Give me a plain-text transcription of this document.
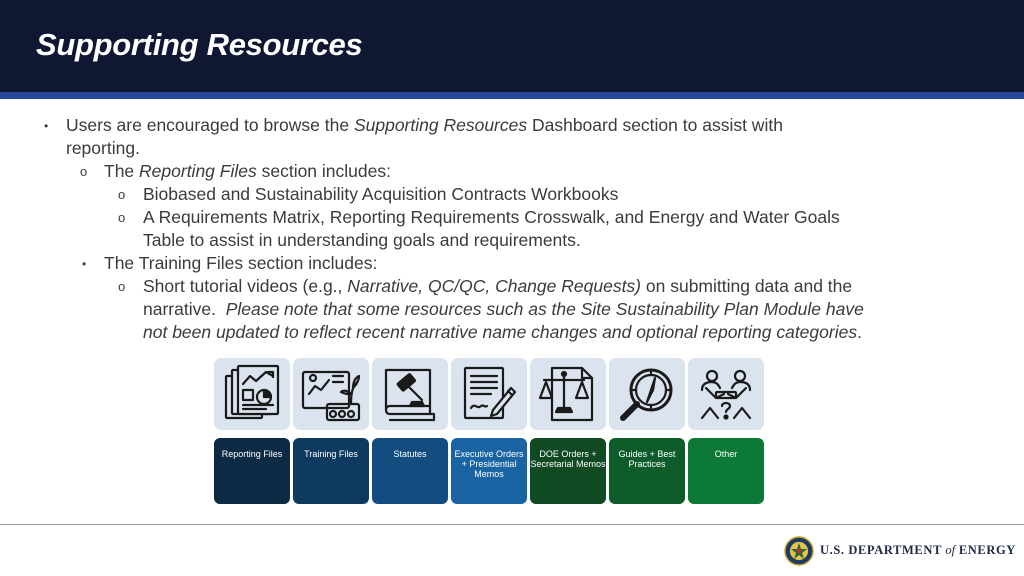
Supporting Resources
• Users are encouraged to browse the Supporting Resources Dashboard section to assist with
reporting.
o The Reporting Files section includes:
o Biobased and Sustainability Acquisition Contracts Workbooks
o A Requirements Matrix, Reporting Requirements Crosswalk, and Energy and Water Goals
Table to assist in understanding goals and requirements.
• The Training Files section includes:
o Short tutorial videos (e.g., Narrative, QC/QC, Change Requests) on submitting data and the
narrative.  Please note that some resources such as the Site Sustainability Plan Module have
not been updated to reflect recent narrative name changes and optional reporting categories.
Reporting Files	Training Files	Statutes	Executive Orders + Presidential Memos
DOE Orders + Secretarial Memos
Guides + Best Practices
Other
U.S. DEPARTMENT of ENERGY
